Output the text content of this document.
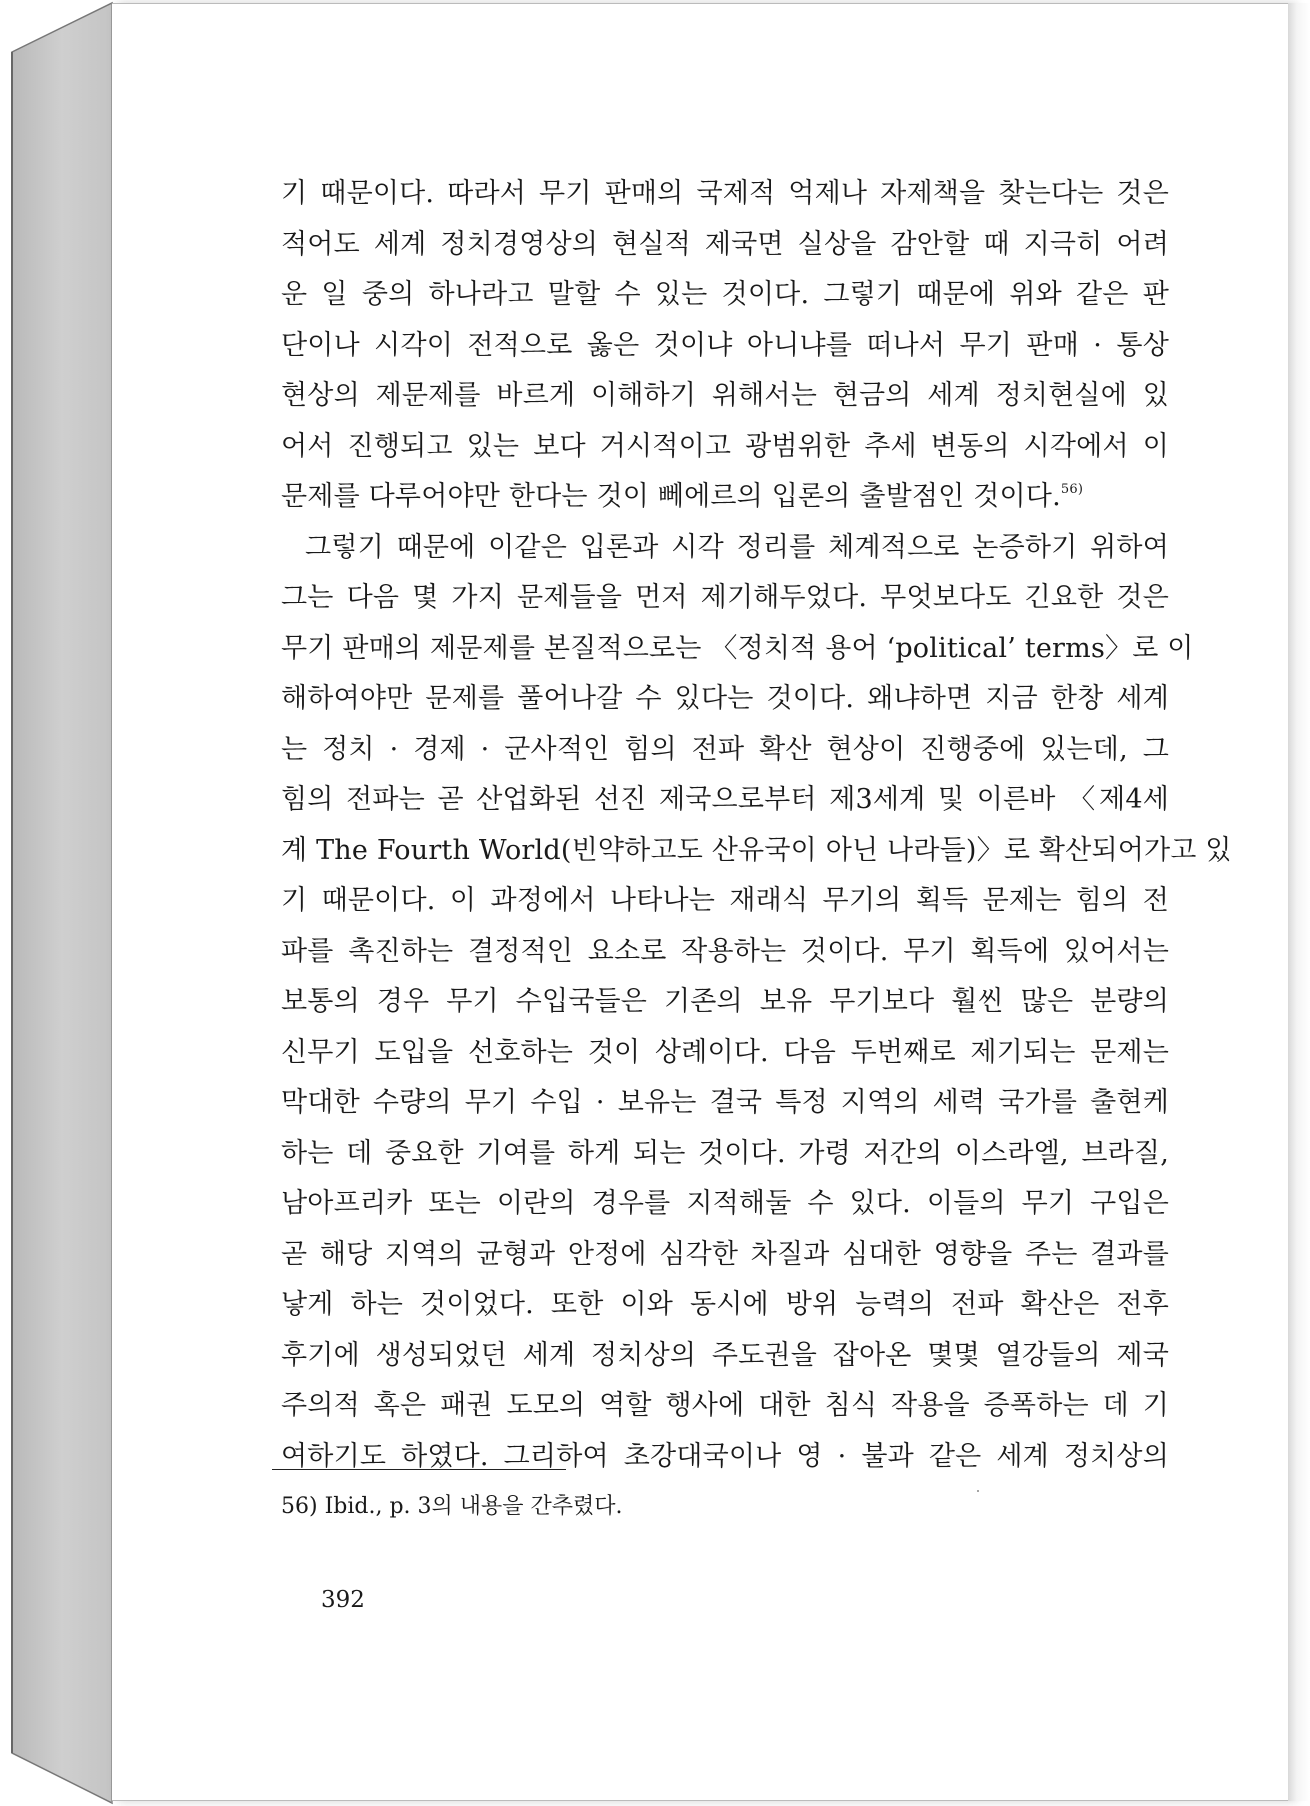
기 때문이다. 따라서 무기 판매의 국제적 억제나 자제책을 찾는다는 것은
적어도 세계 정치경영상의 현실적 제국면 실상을 감안할 때 지극히 어려
운 일 중의 하나라고 말할 수 있는 것이다. 그렇기 때문에 위와 같은 판
단이나 시각이 전적으로 옳은 것이냐 아니냐를 떠나서 무기 판매 · 통상
현상의 제문제를 바르게 이해하기 위해서는 현금의 세계 정치현실에 있
어서 진행되고 있는 보다 거시적이고 광범위한 추세 변동의 시각에서 이
문제를 다루어야만 한다는 것이 뻬에르의 입론의 출발점인 것이다.$^{56)}$
그렇기 때문에 이같은 입론과 시각 정리를 체계적으로 논증하기 위하여
그는 다음 몇 가지 문제들을 먼저 제기해두었다. 무엇보다도 긴요한 것은
무기 판매의 제문제를 본질적으로는 〈정치적 용어 ‘political’ terms〉로 이
해하여야만 문제를 풀어나갈 수 있다는 것이다. 왜냐하면 지금 한창 세계
는 정치 · 경제 · 군사적인 힘의 전파 확산 현상이 진행중에 있는데, 그
힘의 전파는 곧 산업화된 선진 제국으로부터 제3세계 및 이른바 〈제4세
계 The Fourth World(빈약하고도 산유국이 아닌 나라들)〉로 확산되어가고 있
기 때문이다. 이 과정에서 나타나는 재래식 무기의 획득 문제는 힘의 전
파를 촉진하는 결정적인 요소로 작용하는 것이다. 무기 획득에 있어서는
보통의 경우 무기 수입국들은 기존의 보유 무기보다 훨씬 많은 분량의
신무기 도입을 선호하는 것이 상례이다. 다음 두번째로 제기되는 문제는
막대한 수량의 무기 수입 · 보유는 결국 특정 지역의 세력 국가를 출현케
하는 데 중요한 기여를 하게 되는 것이다. 가령 저간의 이스라엘, 브라질,
남아프리카 또는 이란의 경우를 지적해둘 수 있다. 이들의 무기 구입은
곧 해당 지역의 균형과 안정에 심각한 차질과 심대한 영향을 주는 결과를
낳게 하는 것이었다. 또한 이와 동시에 방위 능력의 전파 확산은 전후
후기에 생성되었던 세계 정치상의 주도권을 잡아온 몇몇 열강들의 제국
주의적 혹은 패권 도모의 역할 행사에 대한 침식 작용을 증폭하는 데 기
여하기도 하였다. 그리하여 초강대국이나 영 · 불과 같은 세계 정치상의
56) Ibid., p. 3의 내용을 간추렸다.
392
